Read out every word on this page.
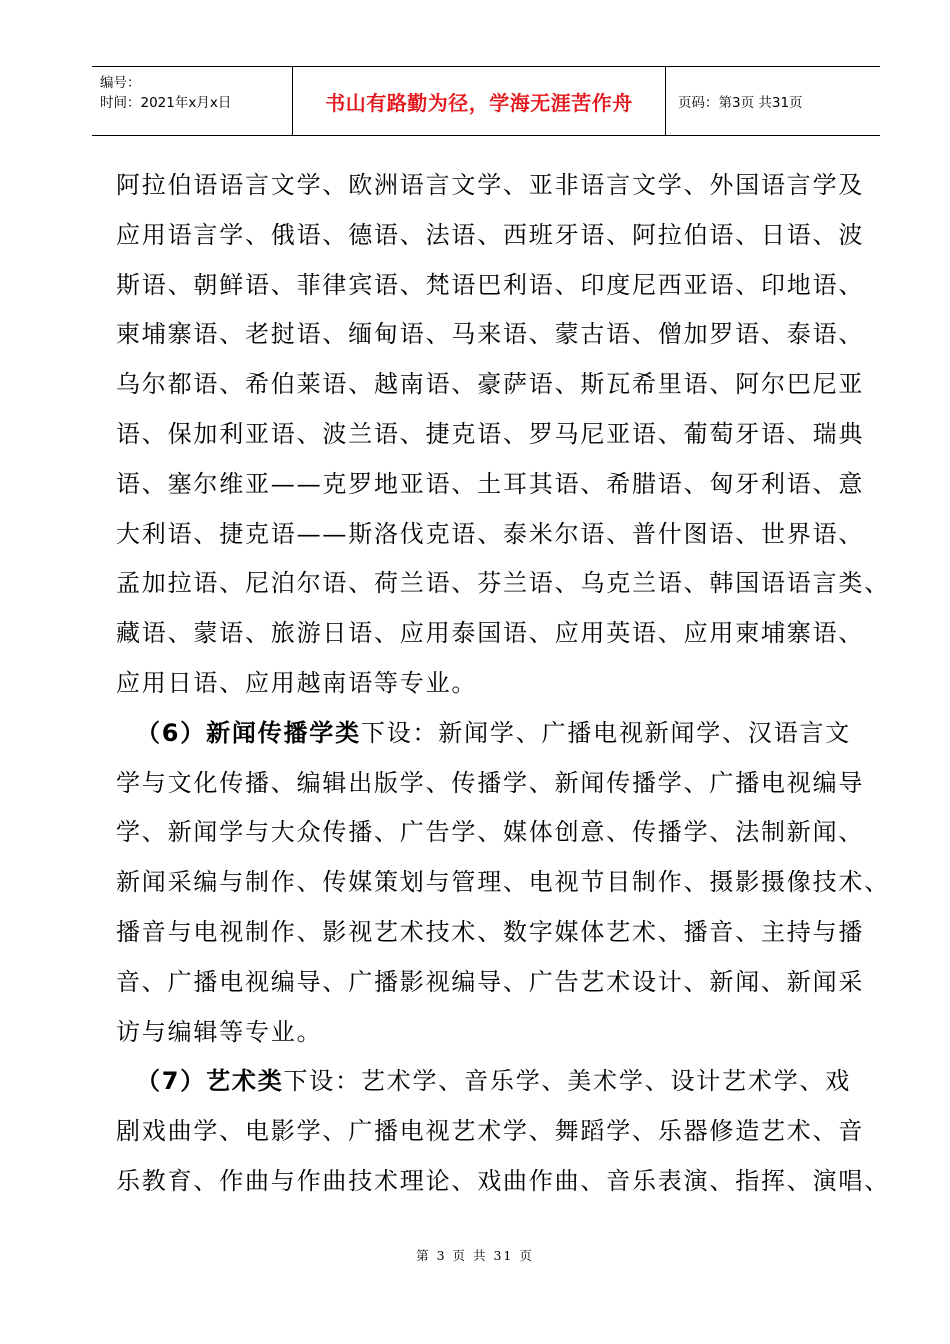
编号：
时间：2021年x月x日	书山有路勤为径，学海无涯苦作舟	页码：第3页 共31页
阿拉伯语语言文学、欧洲语言文学、亚非语言文学、外国语言学及
应用语言学、俄语、德语、法语、西班牙语、阿拉伯语、日语、波
斯语、朝鲜语、菲律宾语、梵语巴利语、印度尼西亚语、印地语、
柬埔寨语、老挝语、缅甸语、马来语、蒙古语、僧加罗语、泰语、
乌尔都语、希伯莱语、越南语、豪萨语、斯瓦希里语、阿尔巴尼亚
语、保加利亚语、波兰语、捷克语、罗马尼亚语、葡萄牙语、瑞典
语、塞尔维亚——克罗地亚语、土耳其语、希腊语、匈牙利语、意
大利语、捷克语——斯洛伐克语、泰米尔语、普什图语、世界语、
孟加拉语、尼泊尔语、荷兰语、芬兰语、乌克兰语、韩国语语言类、
藏语、蒙语、旅游日语、应用泰国语、应用英语、应用柬埔寨语、
应用日语、应用越南语等专业。
（6）新闻传播学类下设：新闻学、广播电视新闻学、汉语言文
学与文化传播、编辑出版学、传播学、新闻传播学、广播电视编导
学、新闻学与大众传播、广告学、媒体创意、传播学、法制新闻、
新闻采编与制作、传媒策划与管理、电视节目制作、摄影摄像技术、
播音与电视制作、影视艺术技术、数字媒体艺术、播音、主持与播
音、广播电视编导、广播影视编导、广告艺术设计、新闻、新闻采
访与编辑等专业。
（7）艺术类下设：艺术学、音乐学、美术学、设计艺术学、戏
剧戏曲学、电影学、广播电视艺术学、舞蹈学、乐器修造艺术、音
乐教育、作曲与作曲技术理论、戏曲作曲、音乐表演、指挥、演唱、
第 3 页 共 31 页
